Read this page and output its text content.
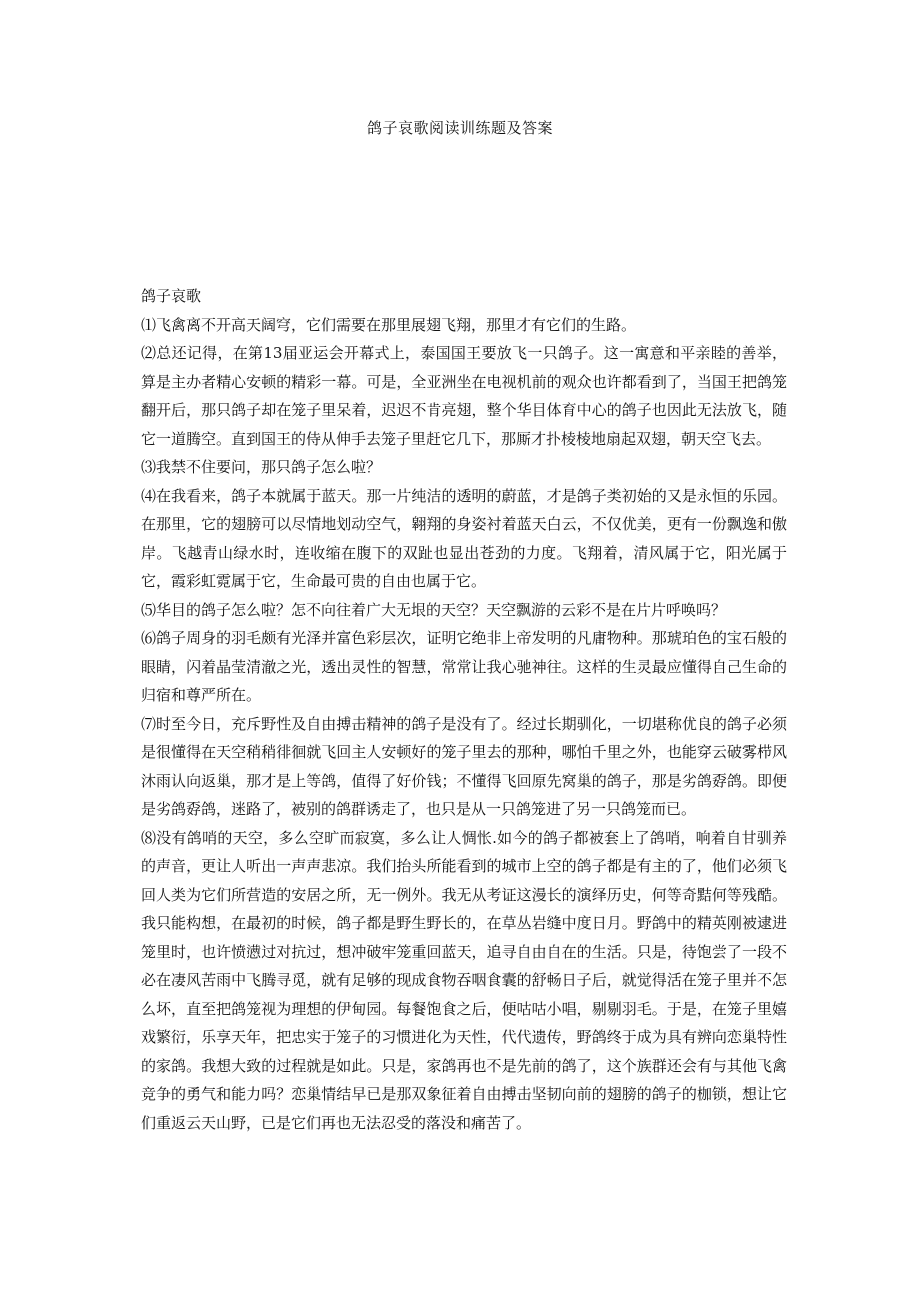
鸽子哀歌阅读训练题及答案
鸽子哀歌

⑴飞禽离不开高天阔穹，它们需要在那里展翅飞翔，那里才有它们的生路。

⑵总还记得，在第13届亚运会开幕式上，泰国国王要放飞一只鸽子。这一寓意和平亲睦的善举，算是主办者精心安顿的精彩一幕。可是，全亚洲坐在电视机前的观众也许都看到了，当国王把鸽笼翻开后，那只鸽子却在笼子里呆着，迟迟不肯亮翅，整个华目体育中心的鸽子也因此无法放飞，随它一道腾空。直到国王的侍从伸手去笼子里赶它几下，那厮才扑棱棱地扇起双翅，朝天空飞去。

⑶我禁不住要问，那只鸽子怎么啦？

⑷在我看来，鸽子本就属于蓝天。那一片纯洁的透明的蔚蓝，才是鸽子类初始的又是永恒的乐园。在那里，它的翅膀可以尽情地划动空气，翱翔的身姿衬着蓝天白云，不仅优美，更有一份飘逸和傲岸。飞越青山绿水时，连收缩在腹下的双趾也显出苍劲的力度。飞翔着，清风属于它，阳光属于它，霞彩虹霓属于它，生命最可贵的自由也属于它。

⑸华目的鸽子怎么啦？怎不向往着广大无垠的天空？天空飘游的云彩不是在片片呼唤吗？

⑹鸽子周身的羽毛颇有光泽并富色彩层次，证明它绝非上帝发明的凡庸物种。那琥珀色的宝石般的眼睛，闪着晶莹清澈之光，透出灵性的智慧，常常让我心驰神往。这样的生灵最应懂得自己生命的归宿和尊严所在。

⑺时至今日，充斥野性及自由搏击精神的鸽子是没有了。经过长期驯化，一切堪称优良的鸽子必须是很懂得在天空稍稍徘徊就飞回主人安顿好的笼子里去的那种，哪怕千里之外，也能穿云破雾栉风沐雨认向返巢，那才是上等鸽，值得了好价钱；不懂得飞回原先窝巢的鸽子，那是劣鸽孬鸽。即便是劣鸽孬鸽，迷路了，被别的鸽群诱走了，也只是从一只鸽笼进了另一只鸽笼而已。

⑻没有鸽哨的天空，多么空旷而寂寞，多么让人惆怅.如今的鸽子都被套上了鸽哨，响着自甘驯养的声音，更让人听出一声声悲凉。我们抬头所能看到的城市上空的鸽子都是有主的了，他们必须飞回人类为它们所营造的安居之所，无一例外。我无从考证这漫长的演绎历史，何等奇黠何等残酷。我只能构想，在最初的时候，鸽子都是野生野长的，在草丛岩缝中度日月。野鸽中的精英刚被逮进笼里时，也许愤懑过对抗过，想冲破牢笼重回蓝天，追寻自由自在的生活。只是，待饱尝了一段不必在凄风苦雨中飞腾寻觅，就有足够的现成食物吞咽食囊的舒畅日子后，就觉得活在笼子里并不怎么坏，直至把鸽笼视为理想的伊甸园。每餐饱食之后，便咕咕小唱，剔剔羽毛。于是，在笼子里嬉戏繁衍，乐享天年，把忠实于笼子的习惯进化为天性，代代遗传，野鸽终于成为具有辨向恋巢特性的家鸽。我想大致的过程就是如此。只是，家鸽再也不是先前的鸽了，这个族群还会有与其他飞禽竞争的勇气和能力吗？恋巢情结早已是那双象征着自由搏击坚韧向前的翅膀的鸽子的枷锁，想让它们重返云天山野，已是它们再也无法忍受的落没和痛苦了。
